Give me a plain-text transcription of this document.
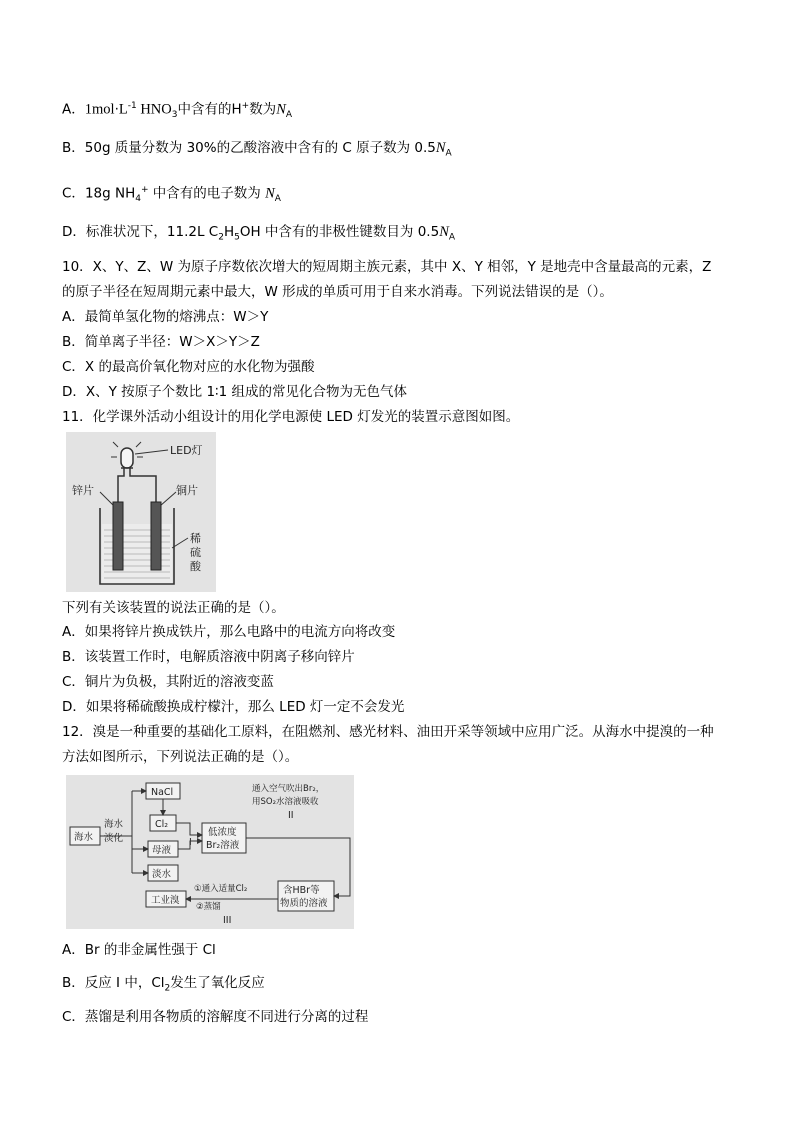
A．$1mol\cdot L^{-1}$ $HNO_3$中含有的H+数为$N_A$
B．50g 质量分数为 30%的乙酸溶液中含有的 C 原子数为 $0.5N_A$
C．18g $NH_4^+$ 中含有的电子数为 $N_A$
D．标准状况下，11.2L $C_2H_5OH$ 中含有的非极性键数目为 $0.5N_A$
10．X、Y、Z、W 为原子序数依次增大的短周期主族元素，其中 X、Y 相邻，Y 是地壳中含量最高的元素，Z
的原子半径在短周期元素中最大，W 形成的单质可用于自来水消毒。下列说法错误的是（）。
A．最简单氢化物的熔沸点：W＞Y
B．简单离子半径：W＞X＞Y＞Z
C．X 的最高价氧化物对应的水化物为强酸
D．X、Y 按原子个数比 1∶1 组成的常见化合物为无色气体
11．化学课外活动小组设计的用化学电源使 LED 灯发光的装置示意图如图。
LED灯
锌片	铜片
稀
硫
酸
下列有关该装置的说法正确的是（）。
A．如果将锌片换成铁片，那么电路中的电流方向将改变
B．该装置工作时，电解质溶液中阴离子移向锌片
C．铜片为负极，其附近的溶液变蓝
D．如果将稀硫酸换成柠檬汁，那么 LED 灯一定不会发光
12．溴是一种重要的基础化工原料，在阻燃剂、感光材料、油田开采等领域中应用广泛。从海水中提溴的一种
方法如图所示，下列说法正确的是（）。
海水
海水
淡化
NaCl
Cl₂
母液
淡水
I
低浓度
Br₂溶液
通入空气吹出Br₂，
用SO₂水溶液吸收
II
含HBr等
物质的溶液
①通入适量Cl₂
②蒸馏
III
工业溴
A．Br 的非金属性强于 Cl
B．反应 I 中，$Cl_2$发生了氧化反应
C．蒸馏是利用各物质的溶解度不同进行分离的过程
